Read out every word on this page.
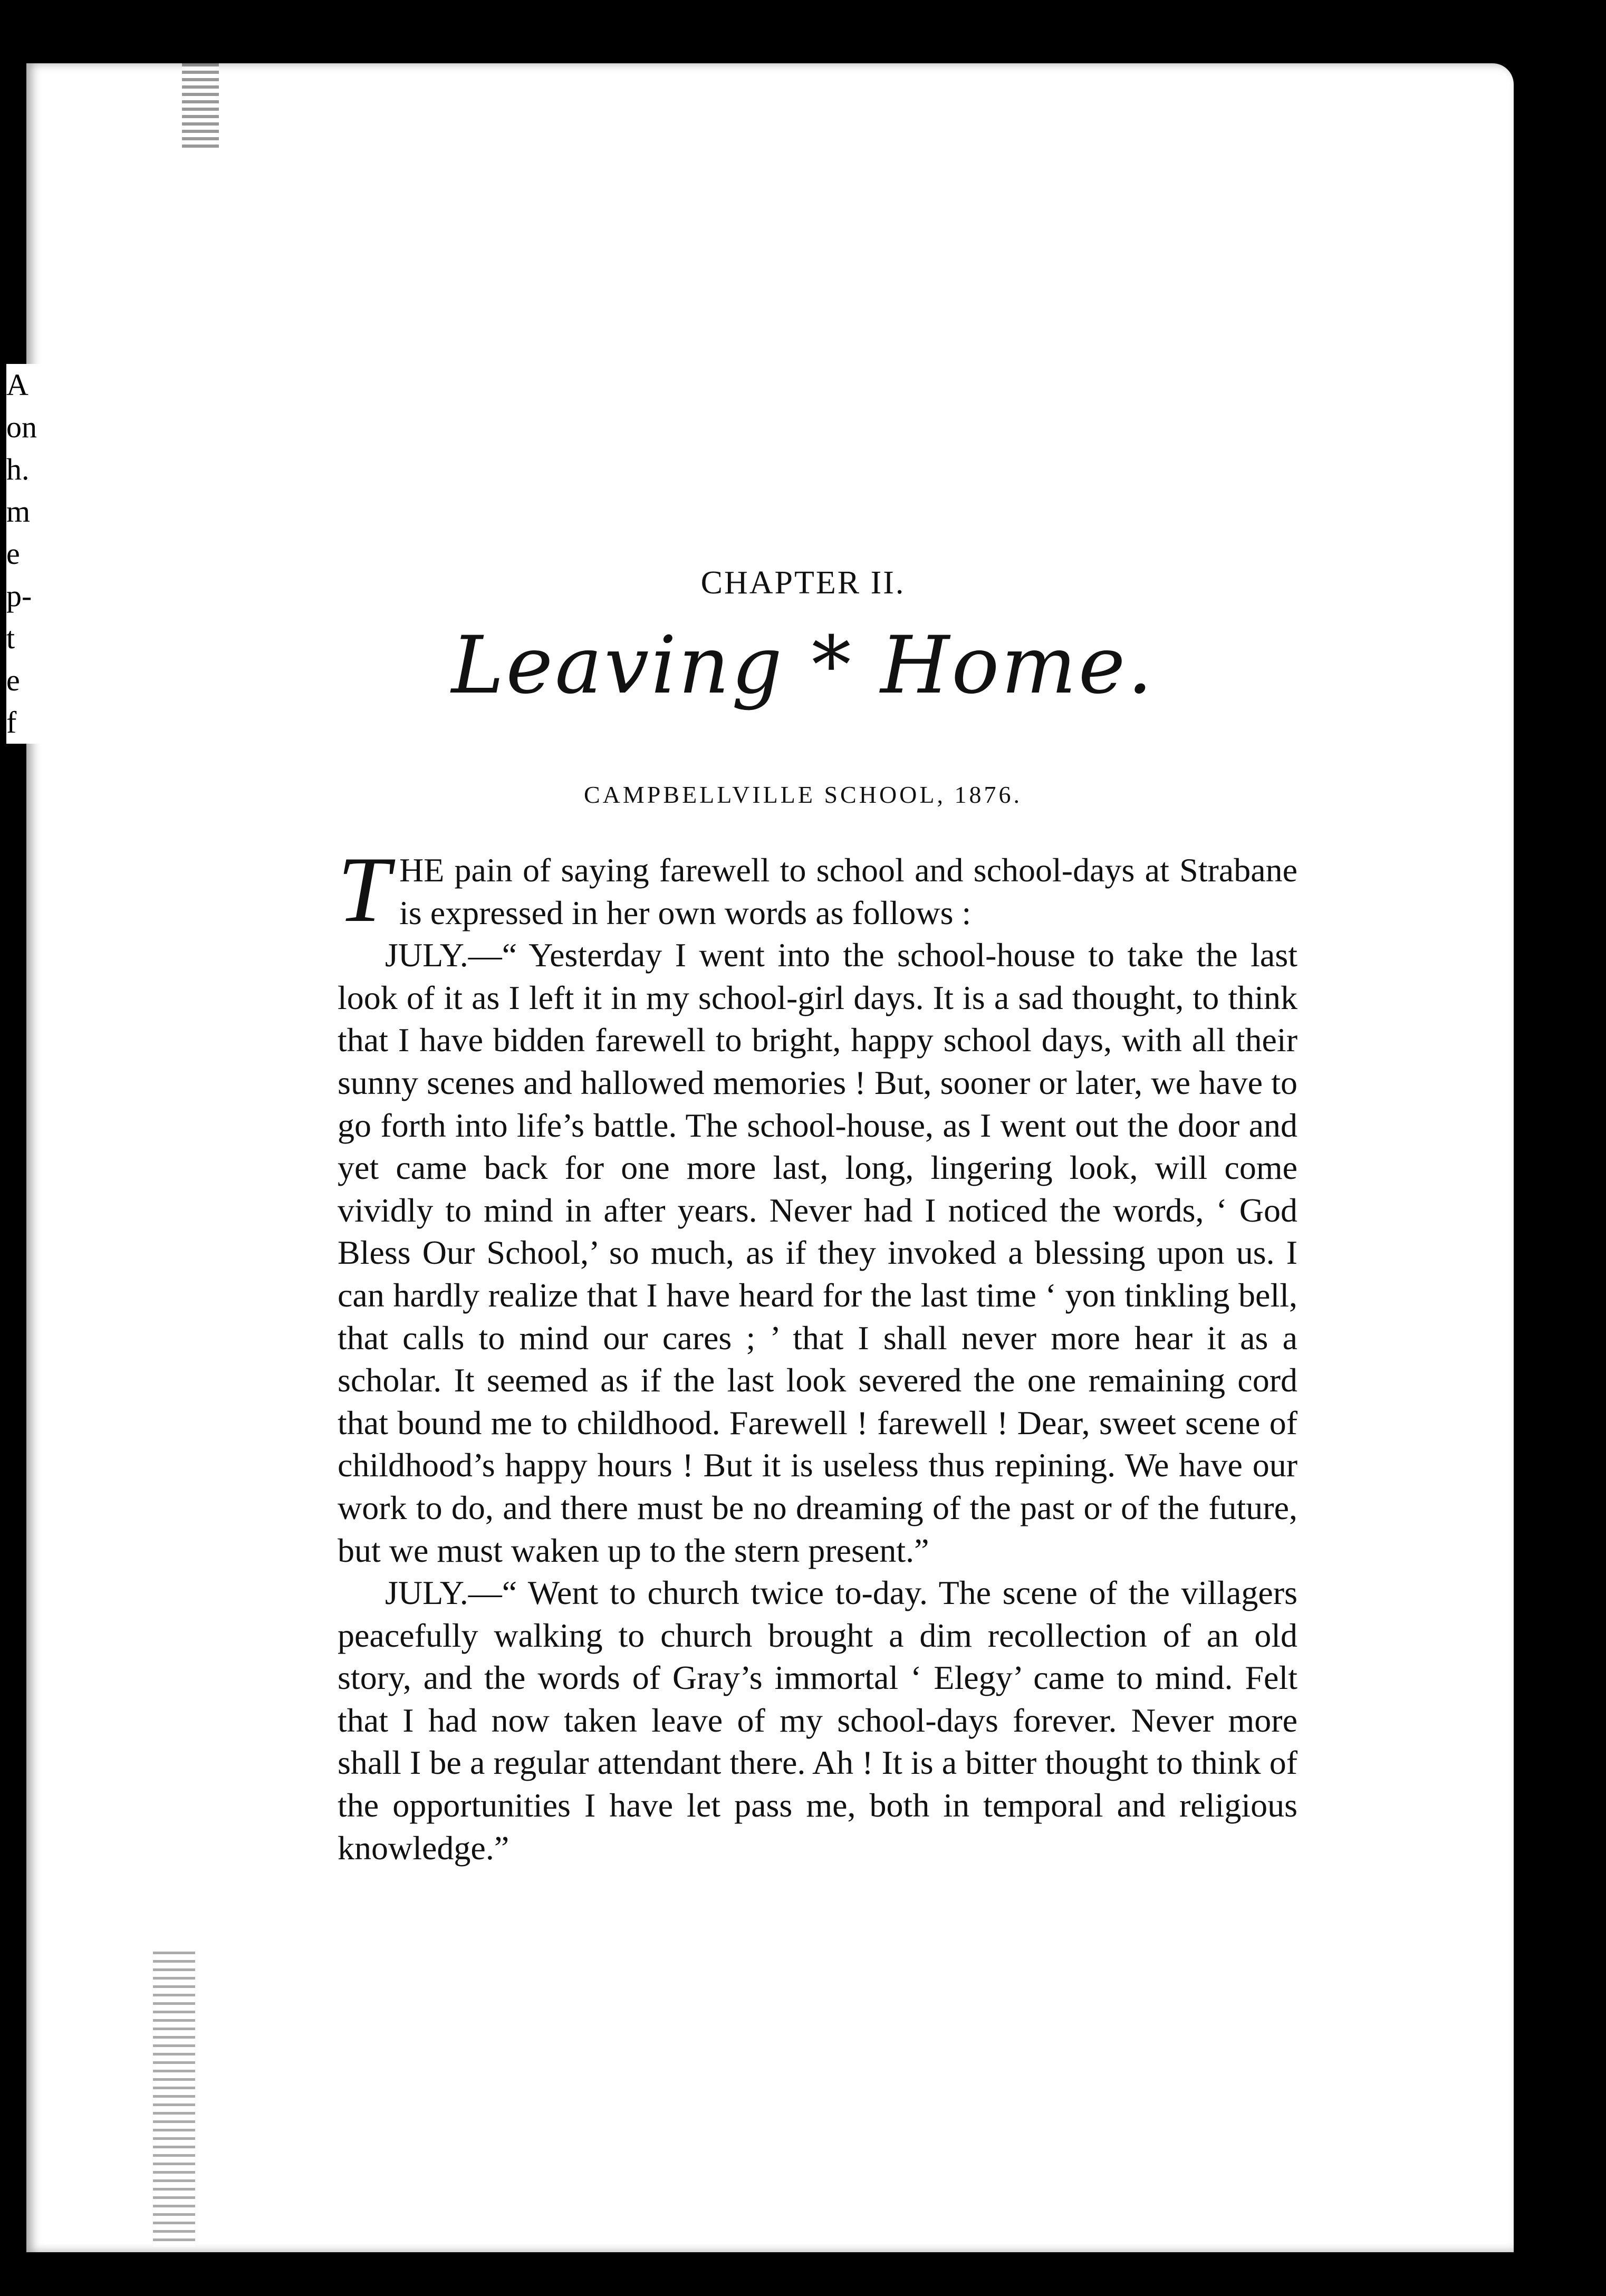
A
on
h.
m
e
p-
t
e
f
CHAPTER II.
Leaving * Home.
CAMPBELLVILLE SCHOOL, 1876.

THE pain of saying farewell to school and school-days at Strabane is expressed in her own words as follows :

JULY.—“ Yesterday I went into the school-house to take the last look of it as I left it in my school-girl days. It is a sad thought, to think that I have bidden farewell to bright, happy school days, with all their sunny scenes and hallowed memories ! But, sooner or later, we have to go forth into life’s battle. The school-house, as I went out the door and yet came back for one more last, long, lingering look, will come vividly to mind in after years. Never had I noticed the words, ‘ God Bless Our School,’ so much, as if they invoked a blessing upon us. I can hardly realize that I have heard for the last time ‘ yon tinkling bell, that calls to mind our cares ; ’ that I shall never more hear it as a scholar. It seemed as if the last look severed the one remaining cord that bound me to childhood. Farewell ! farewell ! Dear, sweet scene of childhood’s happy hours ! But it is useless thus repining. We have our work to do, and there must be no dreaming of the past or of the future, but we must waken up to the stern present.”

JULY.—“ Went to church twice to-day. The scene of the villagers peacefully walking to church brought a dim recollection of an old story, and the words of Gray’s immortal ‘ Elegy’ came to mind. Felt that I had now taken leave of my school-days forever. Never more shall I be a regular attendant there. Ah ! It is a bitter thought to think of the opportunities I have let pass me, both in temporal and religious knowledge.”
